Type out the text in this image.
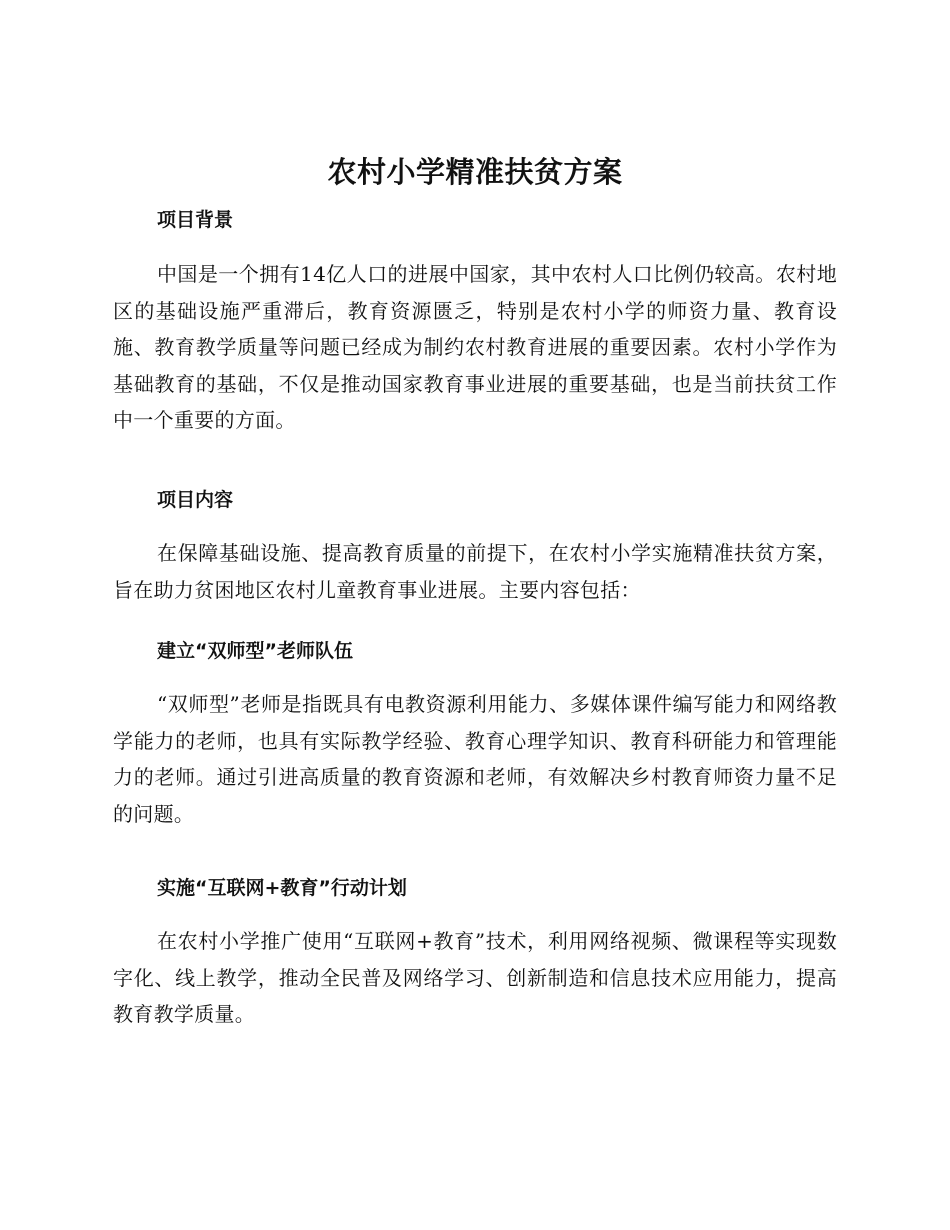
农村小学精准扶贫方案
项目背景

中国是一个拥有14亿人口的进展中国家，其中农村人口比例仍较高。农村地区的基础设施严重滞后，教育资源匮乏，特别是农村小学的师资力量、教育设施、教育教学质量等问题已经成为制约农村教育进展的重要因素。农村小学作为基础教育的基础，不仅是推动国家教育事业进展的重要基础，也是当前扶贫工作中一个重要的方面。

项目内容

在保障基础设施、提高教育质量的前提下，在农村小学实施精准扶贫方案，旨在助力贫困地区农村儿童教育事业进展。主要内容包括：

建立“双师型”老师队伍

“双师型”老师是指既具有电教资源利用能力、多媒体课件编写能力和网络教学能力的老师，也具有实际教学经验、教育心理学知识、教育科研能力和管理能力的老师。通过引进高质量的教育资源和老师，有效解决乡村教育师资力量不足的问题。

实施“互联网+教育”行动计划

在农村小学推广使用“互联网+教育”技术，利用网络视频、微课程等实现数字化、线上教学，推动全民普及网络学习、创新制造和信息技术应用能力，提高教育教学质量。
